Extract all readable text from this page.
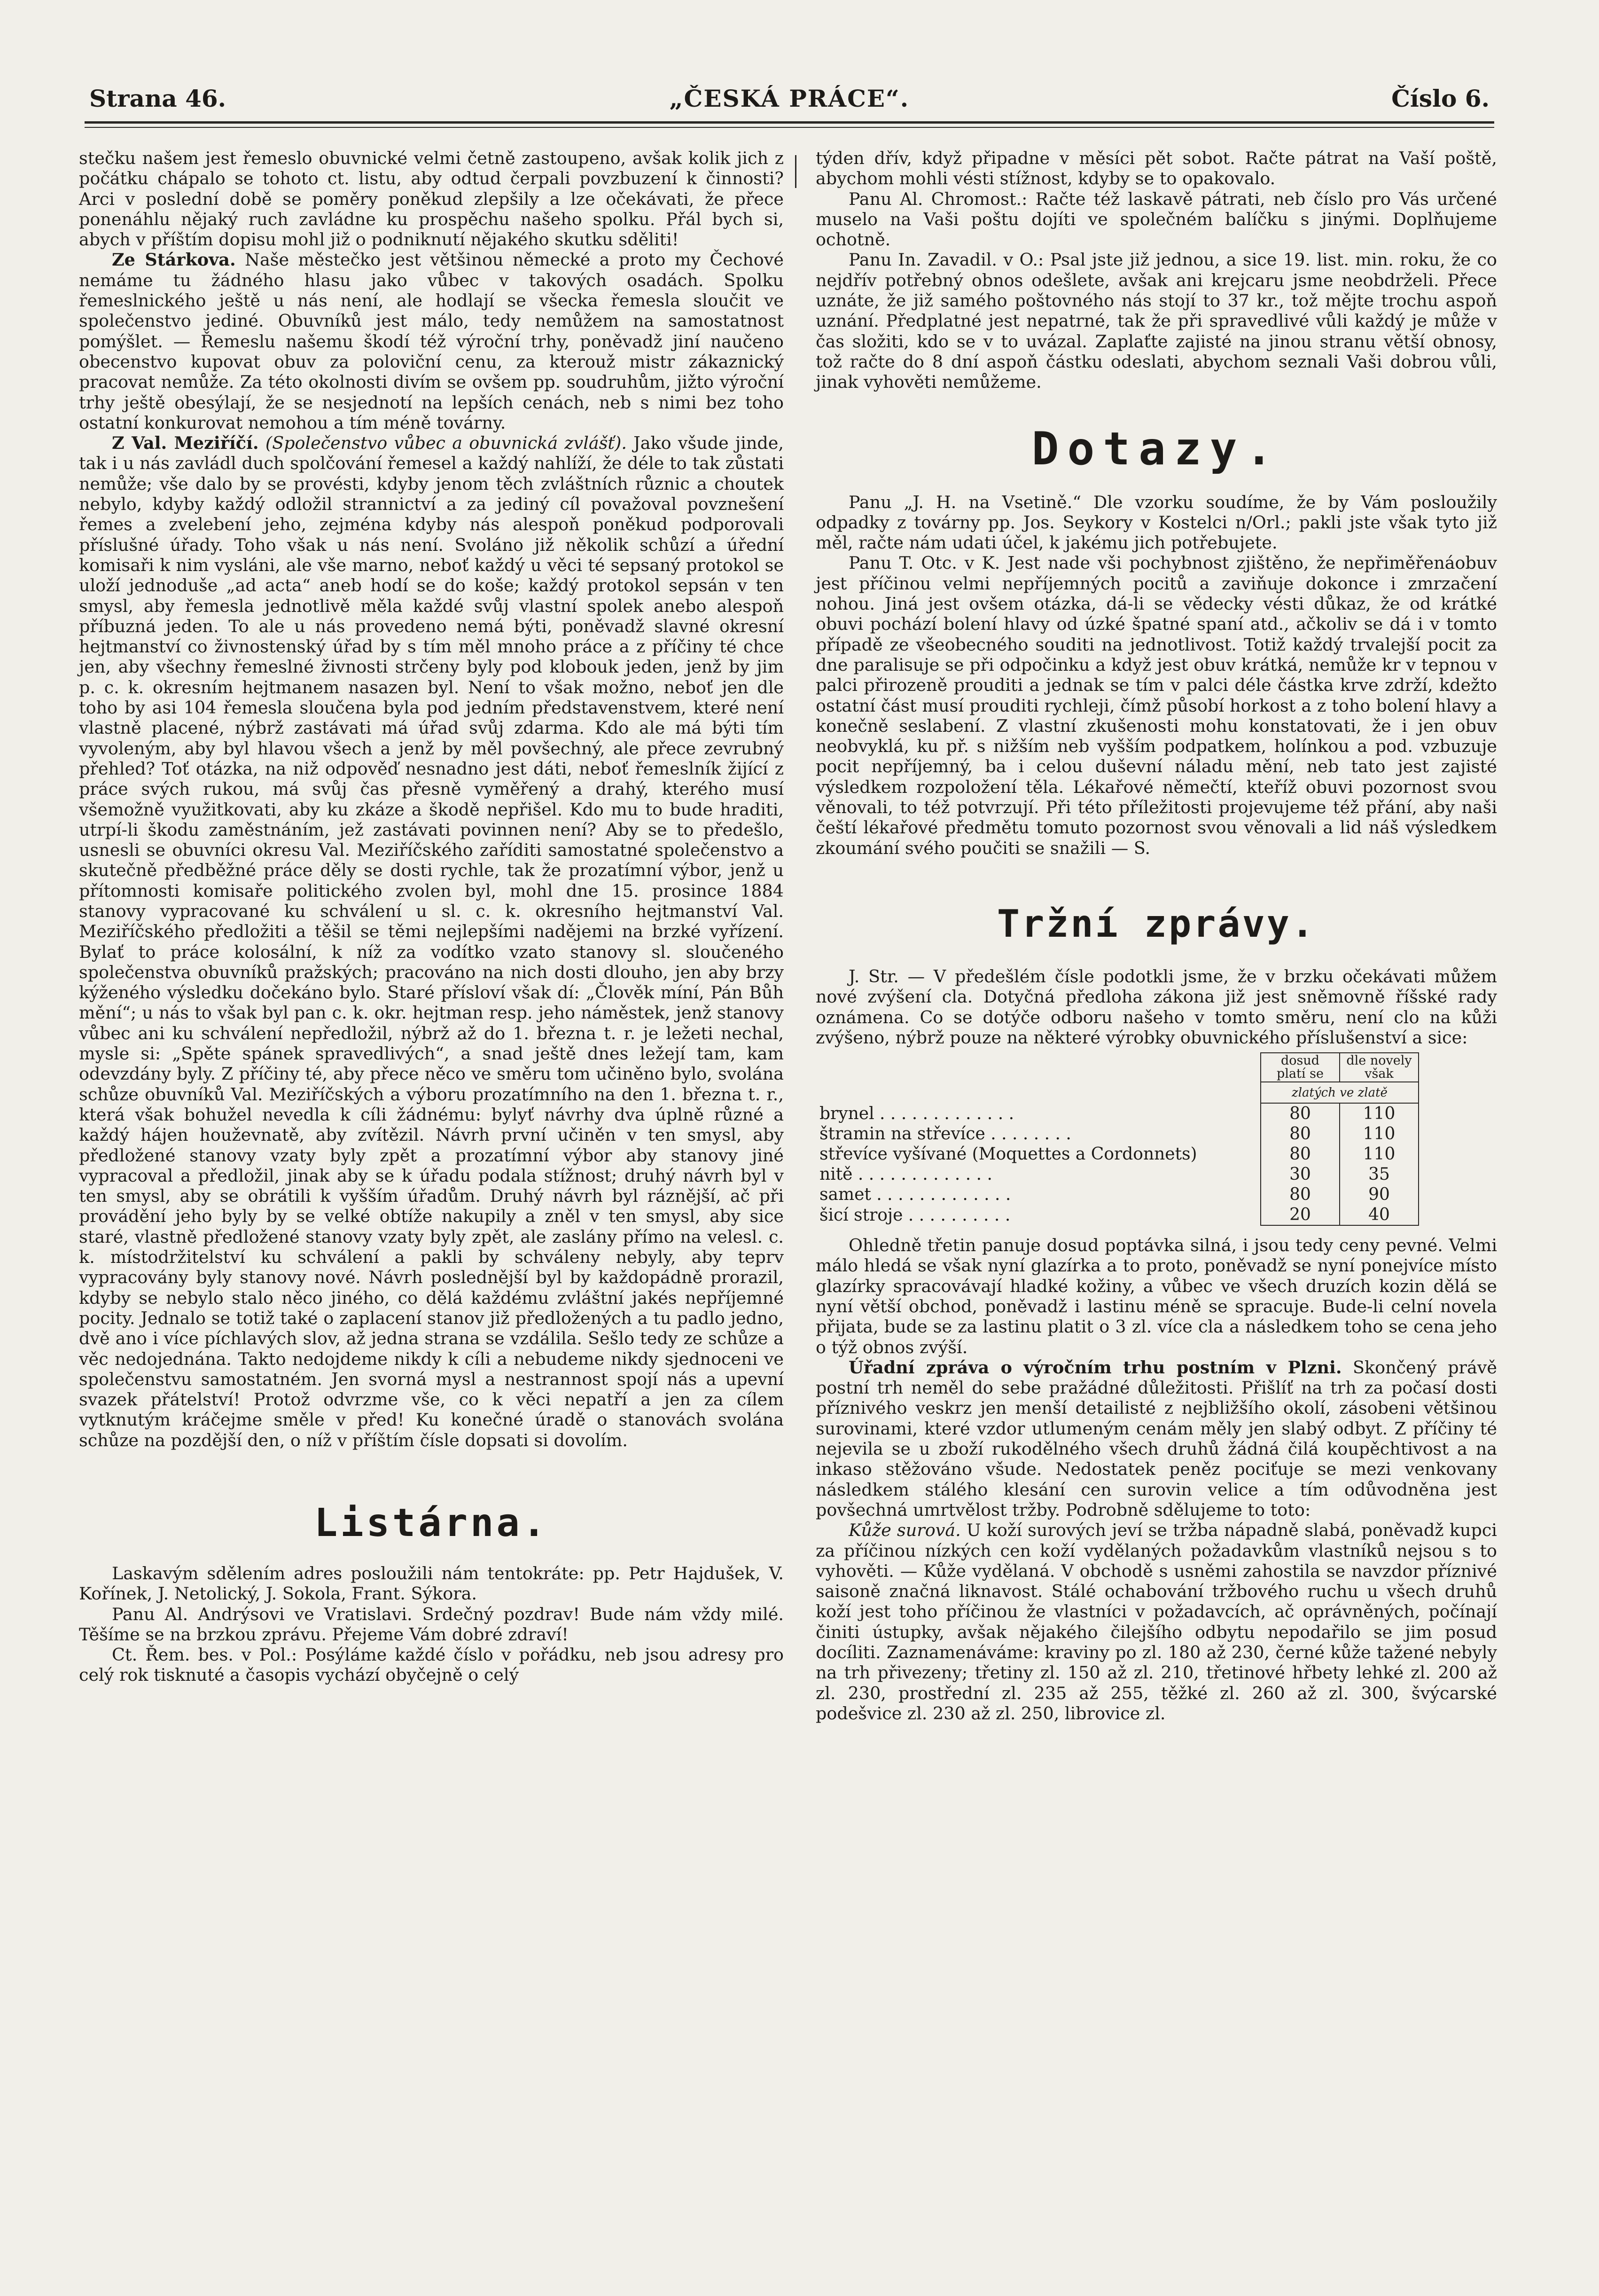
Strana 46.	„ČESKÁ PRÁCE“.	Číslo 6.

stečku našem jest řemeslo obuvnické velmi četně zastoupeno, avšak kolik jich z počátku chápalo se tohoto ct. listu, aby odtud čerpali povzbuzení k činnosti? Arci v poslední době se poměry poněkud zlepšily a lze očekávati, že přece ponenáhlu nějaký ruch zavládne ku prospěchu našeho spolku. Přál bych si, abych v příštím dopisu mohl již o podniknutí nějakého skutku sděliti!

Ze Stárkova. Naše městečko jest většinou německé a proto my Čechové nemáme tu žádného hlasu jako vůbec v takových osadách. Spolku řemeslnického ještě u nás není, ale hodlají se všecka řemesla sloučit ve společenstvo jediné. Obuvníků jest málo, tedy nemůžem na samostatnost pomýšlet. — Řemeslu našemu škodí též výroční trhy, poněvadž jiní naučeno obecenstvo kupovat obuv za poloviční cenu, za kterouž mistr zákaznický pracovat nemůže. Za této okolnosti divím se ovšem pp. soudruhům, jižto výroční trhy ještě obesýlají, že se nesjednotí na lepších cenách, neb s nimi bez toho ostatní konkurovat nemohou a tím méně továrny.

Z Val. Meziříčí. (Společenstvo vůbec a obuvnická zvlášť). Jako všude jinde, tak i u nás zavládl duch spolčování řemesel a každý nahlíží, že déle to tak zůstati nemůže; vše dalo by se provésti, kdyby jenom těch zvláštních různic a choutek nebylo, kdyby každý odložil strannictví a za jediný cíl považoval povznešení řemes a zvelebení jeho, zejména kdyby nás alespoň poněkud podporovali příslušné úřady. Toho však u nás není. Svoláno již několik schůzí a úřední komisaři k nim vysláni, ale vše marno, neboť každý u věci té sepsaný protokol se uloží jednoduše „ad acta“ aneb hodí se do koše; každý protokol sepsán v ten smysl, aby řemesla jednotlivě měla každé svůj vlastní spolek anebo alespoň příbuzná jeden. To ale u nás provedeno nemá býti, poněvadž slavné okresní hejtmanství co živnostenský úřad by s tím měl mnoho práce a z příčiny té chce jen, aby všechny řemeslné živnosti strčeny byly pod klobouk jeden, jenž by jim p. c. k. okresním hejtmanem nasazen byl. Není to však možno, neboť jen dle toho by asi 104 řemesla sloučena byla pod jedním představenstvem, které není vlastně placené, nýbrž zastávati má úřad svůj zdarma. Kdo ale má býti tím vyvoleným, aby byl hlavou všech a jenž by měl povšechný, ale přece zevrubný přehled? Toť otázka, na niž odpověď nesnadno jest dáti, neboť řemeslník žijící z práce svých rukou, má svůj čas přesně vyměřený a drahý, kterého musí všemožně využitkovati, aby ku zkáze a škodě nepřišel. Kdo mu to bude hraditi, utrpí-li škodu zaměstnáním, jež zastávati povinnen není? Aby se to předešlo, usnesli se obuvníci okresu Val. Meziříčského zaříditi samostatné společenstvo a skutečně předběžné práce děly se dosti rychle, tak že prozatímní výbor, jenž u přítomnosti komisaře politického zvolen byl, mohl dne 15. prosince 1884 stanovy vypracované ku schválení u sl. c. k. okresního hejtmanství Val. Meziříčského předložiti a těšil se těmi nejlepšími nadějemi na brzké vyřízení. Bylať to práce kolosální, k níž za vodítko vzato stanovy sl. sloučeného společenstva obuvníků pražských; pracováno na nich dosti dlouho, jen aby brzy kýženého výsledku dočekáno bylo. Staré přísloví však dí: „Člověk míní, Pán Bůh mění“; u nás to však byl pan c. k. okr. hejtman resp. jeho náměstek, jenž stanovy vůbec ani ku schválení nepředložil, nýbrž až do 1. března t. r. je ležeti nechal, mysle si: „Spěte spánek spravedlivých“, a snad ještě dnes ležejí tam, kam odevzdány byly. Z příčiny té, aby přece něco ve směru tom učiněno bylo, svolána schůze obuvníků Val. Meziříčských a výboru prozatímního na den 1. března t. r., která však bohužel nevedla k cíli žádnému: bylyť návrhy dva úplně různé a každý hájen houževnatě, aby zvítězil. Návrh první učiněn v ten smysl, aby předložené stanovy vzaty byly zpět a prozatímní výbor aby stanovy jiné vypracoval a předložil, jinak aby se k úřadu podala stížnost; druhý návrh byl v ten smysl, aby se obrátili k vyšším úřadům. Druhý návrh byl ráznější, ač při provádění jeho byly by se velké obtíže nakupily a zněl v ten smysl, aby sice staré, vlastně předložené stanovy vzaty byly zpět, ale zaslány přímo na velesl. c. k. místodržitelství ku schválení a pakli by schváleny nebyly, aby teprv vypracovány byly stanovy nové. Návrh poslednější byl by každopádně prorazil, kdyby se nebylo stalo něco jiného, co dělá každému zvláštní jakés nepříjemné pocity. Jednalo se totiž také o zaplacení stanov již předložených a tu padlo jedno, dvě ano i více píchlavých slov, až jedna strana se vzdálila. Sešlo tedy ze schůze a věc nedojednána. Takto nedojdeme nikdy k cíli a nebudeme nikdy sjednoceni ve společenstvu samostatném. Jen svorná mysl a nestrannost spojí nás a upevní svazek přátelství! Protož odvrzme vše, co k věci nepatří a jen za cílem vytknutým kráčejme směle v před! Ku konečné úradě o stanovách svolána schůze na pozdější den, o níž v příštím čísle dopsati si dovolím.

Listárna.

Laskavým sdělením adres posloužili nám tentokráte: pp. Petr Hajdušek, V. Kořínek, J. Netolický, J. Sokola, Frant. Sýkora.

Panu Al. Andrýsovi ve Vratislavi. Srdečný pozdrav! Bude nám vždy milé. Těšíme se na brzkou zprávu. Přejeme Vám dobré zdraví!

Ct. Řem. bes. v Pol.: Posýláme každé číslo v pořádku, neb jsou adresy pro celý rok tisknuté a časopis vychází obyčejně o celý

týden dřív, když připadne v měsíci pět sobot. Račte pátrat na Vaší poště, abychom mohli vésti stížnost, kdyby se to opakovalo.

Panu Al. Chromost.: Račte též laskavě pátrati, neb číslo pro Vás určené muselo na Vaši poštu dojíti ve společném balíčku s jinými. Doplňujeme ochotně.

Panu In. Zavadil. v O.: Psal jste již jednou, a sice 19. list. min. roku, že co nejdřív potřebný obnos odešlete, avšak ani krejcaru jsme neobdrželi. Přece uznáte, že již samého poštovného nás stojí to 37 kr., tož mějte trochu aspoň uznání. Předplatné jest nepatrné, tak že při spravedlivé vůli každý je může v čas složiti, kdo se v to uvázal. Zaplaťte zajisté na jinou stranu větší obnosy, tož račte do 8 dní aspoň částku odeslati, abychom seznali Vaši dobrou vůli, jinak vyhověti nemůžeme.

Dotazy.

Panu „J. H. na Vsetině.“ Dle vzorku soudíme, že by Vám posloužily odpadky z továrny pp. Jos. Seykory v Kostelci n/Orl.; pakli jste však tyto již měl, račte nám udati účel, k jakému jich potřebujete.

Panu T. Otc. v K. Jest nade vši pochybnost zjištěno, že nepřiměřenáobuv jest příčinou velmi nepříjemných pocitů a zaviňuje dokonce i zmrzačení nohou. Jiná jest ovšem otázka, dá-li se vědecky vésti důkaz, že od krátké obuvi pochází bolení hlavy od úzké špatné spaní atd., ačkoliv se dá i v tomto případě ze všeobecného souditi na jednotlivost. Totiž každý trvalejší pocit za dne paralisuje se při odpočinku a když jest obuv krátká, nemůže kr v tepnou v palci přirozeně prouditi a jednak se tím v palci déle částka krve zdrží, kdežto ostatní část musí prouditi rychleji, čímž působí horkost a z toho bolení hlavy a konečně seslabení. Z vlastní zkušenosti mohu konstatovati, že i jen obuv neobvyklá, ku př. s nižším neb vyšším podpatkem, holínkou a pod. vzbuzuje pocit nepříjemný, ba i celou duševní náladu mění, neb tato jest zajisté výsledkem rozpoložení těla. Lékařové němečtí, kteříž obuvi pozornost svou věnovali, to též potvrzují. Při této příležitosti projevujeme též přání, aby naši čeští lékařové předmětu tomuto pozornost svou věnovali a lid náš výsledkem zkoumání svého poučiti se snažili — S.

Tržní zprávy.

J. Str. — V předešlém čísle podotkli jsme, že v brzku očekávati můžem nové zvýšení cla. Dotyčná předloha zákona již jest sněmovně říšské rady oznámena. Co se dotýče odboru našeho v tomto směru, není clo na kůži zvýšeno, nýbrž pouze na některé výrobky obuvnického příslušenství a sice:

	dosud platí se	dle novely však
	zlatých ve zlatě	
brynel . . . . . . . . . . . . .	80	110
štramin na střevíce . . . . . . . .	80	110
střevíce vyšívané (Moquettes a Cordonnets)	80	110
nitě . . . . . . . . . . . . .	30	35
samet . . . . . . . . . . . . .	80	90
šicí stroje . . . . . . . . . .	20	40

Ohledně třetin panuje dosud poptávka silná, i jsou tedy ceny pevné. Velmi málo hledá se však nyní glazírka a to proto, poněvadž se nyní ponejvíce místo glazírky spracovávají hladké kožiny, a vůbec ve všech druzích kozin dělá se nyní větší obchod, poněvadž i lastinu méně se spracuje. Bude-li celní novela přijata, bude se za lastinu platit o 3 zl. více cla a následkem toho se cena jeho o týž obnos zvýší.

Úřadní zpráva o výročním trhu postním v Plzni. Skončený právě postní trh neměl do sebe pražádné důležitosti. Přišlíť na trh za počasí dosti příznivého veskrz jen menší detailisté z nejbližšího okolí, zásobeni většinou surovinami, které vzdor utlumeným cenám měly jen slabý odbyt. Z příčiny té nejevila se u zboží rukodělného všech druhů žádná čilá koupěchtivost a na inkaso stěžováno všude. Nedostatek peněz pociťuje se mezi venkovany následkem stálého klesání cen surovin velice a tím odůvodněna jest povšechná umrtvělost tržby. Podrobně sdělujeme to toto:

Kůže surová. U koží surových jeví se tržba nápadně slabá, poněvadž kupci za příčinou nízkých cen koží vydělaných požadavkům vlastníků nejsou s to vyhověti. — Kůže vydělaná. V obchodě s usněmi zahostila se navzdor příznivé saisoně značná liknavost. Stálé ochabování tržbového ruchu u všech druhů koží jest toho příčinou že vlastníci v požadavcích, ač oprávněných, počínají činiti ústupky, avšak nějakého čilejšího odbytu nepodařilo se jim posud docíliti. Zaznamenáváme: kraviny po zl. 180 až 230, černé kůže tažené nebyly na trh přivezeny; třetiny zl. 150 až zl. 210, třetinové hřbety lehké zl. 200 až zl. 230, prostřední zl. 235 až 255, těžké zl. 260 až zl. 300, švýcarské podešvice zl. 230 až zl. 250, librovice zl.
